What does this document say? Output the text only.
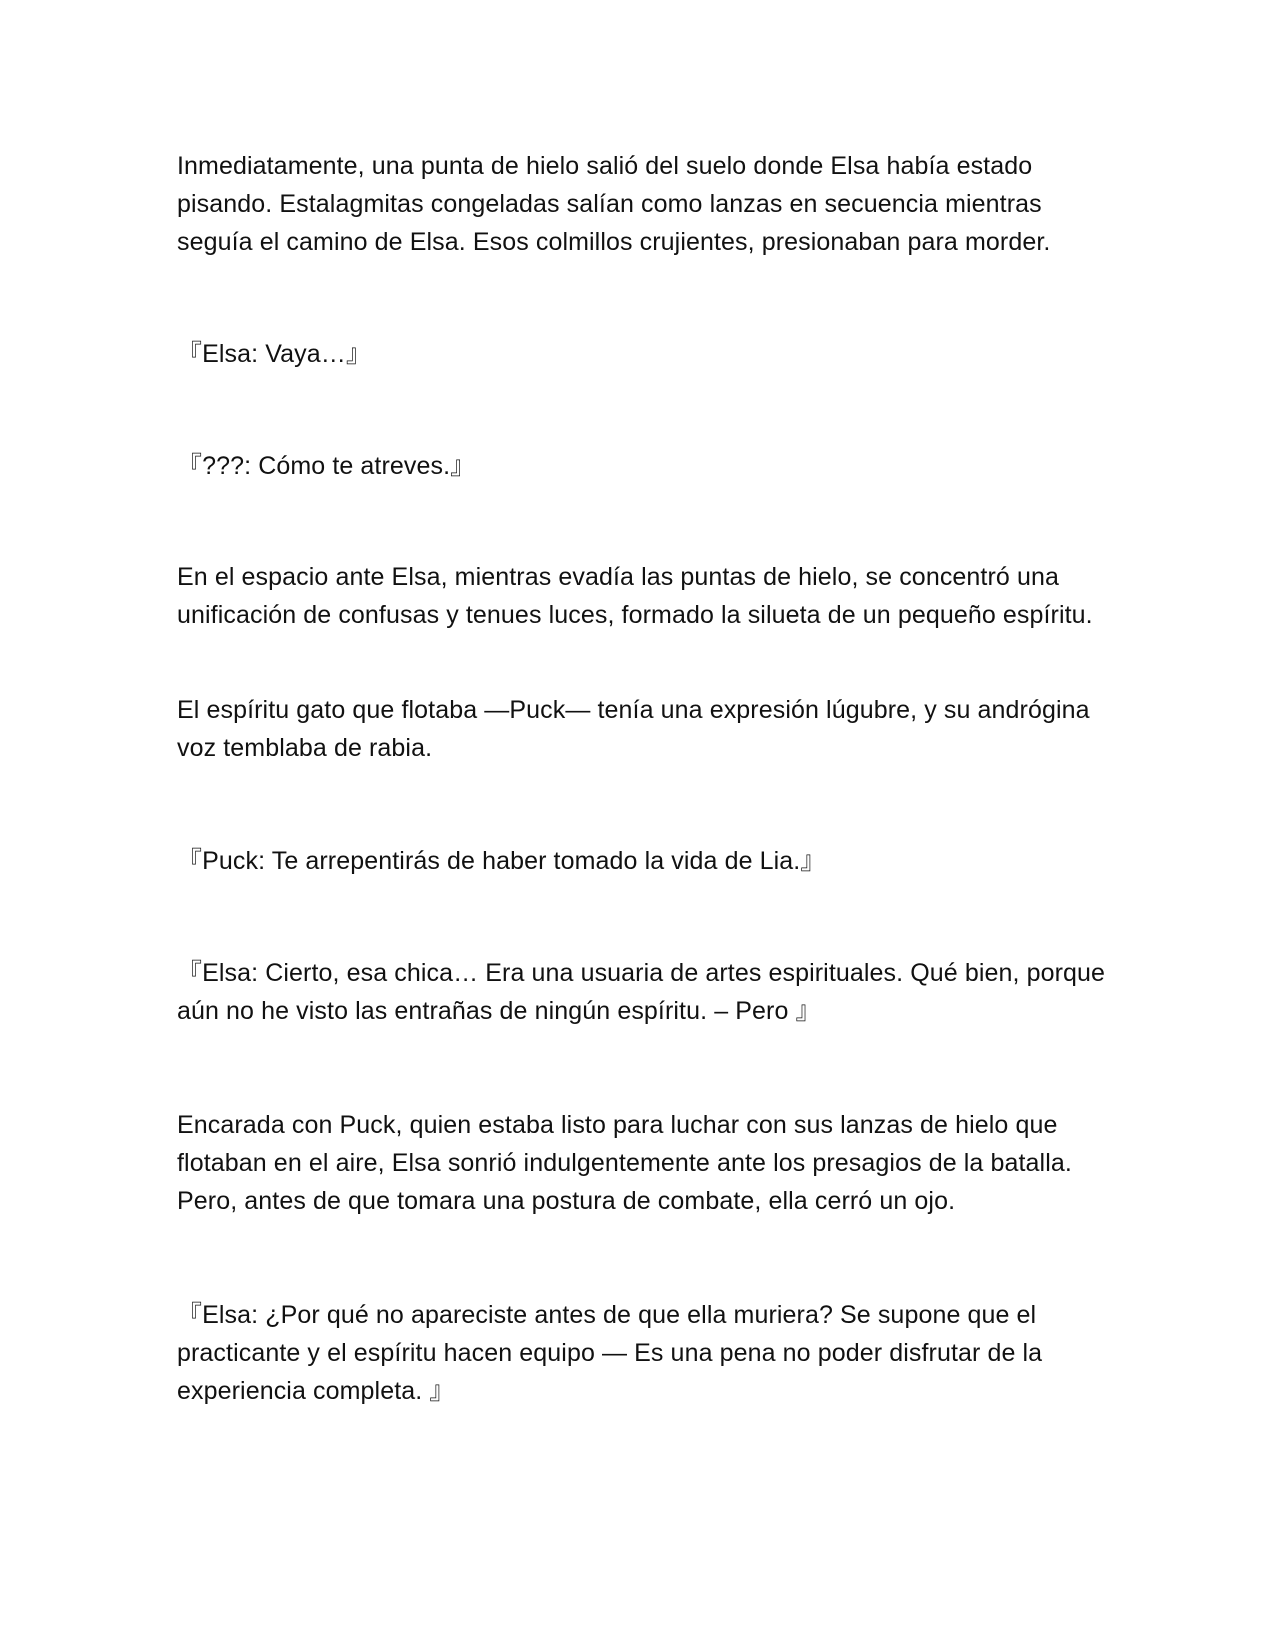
Inmediatamente, una punta de hielo salió del suelo donde Elsa había estado pisando. Estalagmitas congeladas salían como lanzas en secuencia mientras seguía el camino de Elsa. Esos colmillos crujientes, presionaban para morder.

『Elsa: Vaya…』

『???: Cómo te atreves.』

En el espacio ante Elsa, mientras evadía las puntas de hielo, se concentró una unificación de confusas y tenues luces, formado la silueta de un pequeño espíritu.

El espíritu gato que flotaba —Puck— tenía una expresión lúgubre, y su andrógina voz temblaba de rabia.

『Puck: Te arrepentirás de haber tomado la vida de Lia.』

『Elsa: Cierto, esa chica… Era una usuaria de artes espirituales. Qué bien, porque aún no he visto las entrañas de ningún espíritu. – Pero 』

Encarada con Puck, quien estaba listo para luchar con sus lanzas de hielo que flotaban en el aire, Elsa sonrió indulgentemente ante los presagios de la batalla. Pero, antes de que tomara una postura de combate, ella cerró un ojo.

『Elsa: ¿Por qué no apareciste antes de que ella muriera? Se supone que el practicante y el espíritu hacen equipo — Es una pena no poder disfrutar de la experiencia completa. 』
